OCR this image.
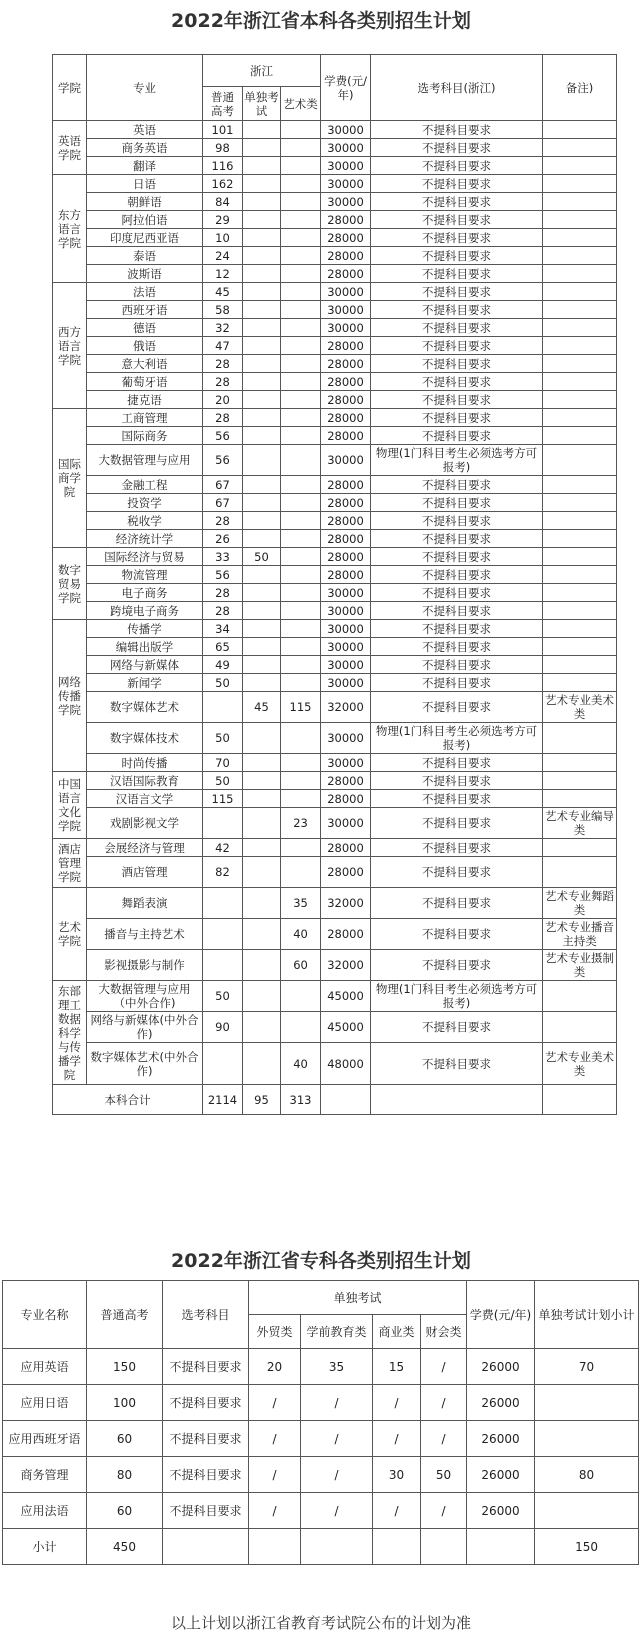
2022年浙江省本科各类别招生计划
学院	专业	浙江			学费(元/年)	选考科目(浙江)	备注)
		普通 高考	单独考试	艺术类			
英语学院	英语	101			30000	不提科目要求	
	商务英语	98			30000	不提科目要求	
	翻译	116			30000	不提科目要求	
东方语言学院	日语	162			30000	不提科目要求	
	朝鲜语	84			30000	不提科目要求	
	阿拉伯语	29			28000	不提科目要求	
	印度尼西亚语	10			28000	不提科目要求	
	泰语	24			28000	不提科目要求	
	波斯语	12			28000	不提科目要求	
西方语言学院	法语	45			30000	不提科目要求	
	西班牙语	58			30000	不提科目要求	
	德语	32			30000	不提科目要求	
	俄语	47			28000	不提科目要求	
	意大利语	28			28000	不提科目要求	
	葡萄牙语	28			28000	不提科目要求	
	捷克语	20			28000	不提科目要求	
国际商学院	工商管理	28			28000	不提科目要求	
	国际商务	56			28000	不提科目要求	
	大数据管理与应用	56			30000	物理(1门科目考生必须选考方可报考)	
	金融工程	67			28000	不提科目要求	
	投资学	67			28000	不提科目要求	
	税收学	28			28000	不提科目要求	
	经济统计学	26			28000	不提科目要求	
数字贸易学院	国际经济与贸易	33	50		28000	不提科目要求	
	物流管理	56			28000	不提科目要求	
	电子商务	28			30000	不提科目要求	
	跨境电子商务	28			30000	不提科目要求	
网络传播学院	传播学	34			30000	不提科目要求	
	编辑出版学	65			30000	不提科目要求	
	网络与新媒体	49			30000	不提科目要求	
	新闻学	50			30000	不提科目要求	
	数字媒体艺术		45	115	32000	不提科目要求	艺术专业美术类
	数字媒体技术	50			30000	物理(1门科目考生必须选考方可报考)	
	时尚传播	70			30000	不提科目要求	
中国语言文化学院	汉语国际教育	50			28000	不提科目要求	
	汉语言文学	115			28000	不提科目要求	
	戏剧影视文学			23	30000	不提科目要求	艺术专业编导类
酒店管理学院	会展经济与管理	42			28000	不提科目要求	
	酒店管理	82			28000	不提科目要求	
艺术学院	舞蹈表演			35	32000	不提科目要求	艺术专业舞蹈类
	播音与主持艺术			40	28000	不提科目要求	艺术专业播音主持类
	影视摄影与制作			60	32000	不提科目要求	艺术专业摄制类
东部理工数据科学与传播学院	大数据管理与应用（中外合作)	50			45000	物理(1门科目考生必须选考方可报考)	
	网络与新媒体(中外合作)	90			45000	不提科目要求	
	数字媒体艺术(中外合作)			40	48000	不提科目要求	艺术专业美术类
本科合计		2114	95	313			
2022年浙江省专科各类别招生计划
专业名称	普通高考	选考科目	单独考试				学费(元/年)	单独考试计划小计
			外贸类	学前教育类	商业类	财会类		
应用英语	150	不提科目要求	20	35	15	/	26000	70
应用日语	100	不提科目要求	/	/	/	/	26000	
应用西班牙语	60	不提科目要求	/	/	/	/	26000	
商务管理	80	不提科目要求	/	/	30	50	26000	80
应用法语	60	不提科目要求	/	/	/	/	26000	
小计	450							150
以上计划以浙江省教育考试院公布的计划为准
